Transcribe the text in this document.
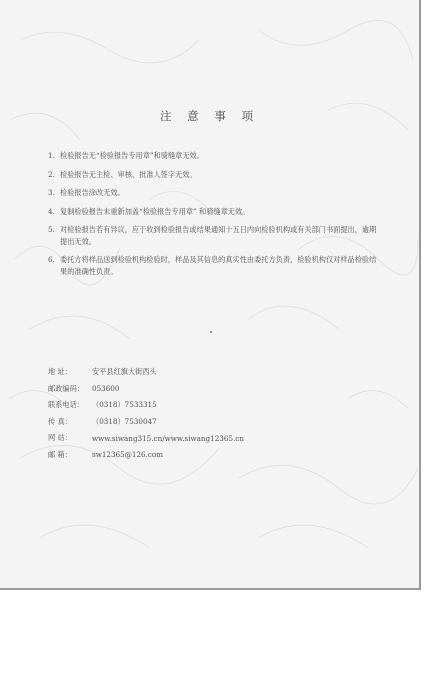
注 意 事 项
1. 检验报告无“检验报告专用章”和骑缝章无效。
2. 检验报告无主检、审核、批准人签字无效。
3. 检验报告涂改无效。
4. 复制检验报告未重新加盖“检验报告专用章” 和骑缝章无效。
5. 对检验报告若有异议，应于收到检验报告或结果通知十五日内向检验机构或有关部门书面提出，逾期提出无效。
6. 委托方将样品送到检验机构检验时，样品及其信息的真实性由委托方负责，检验机构仅对样品检验结果的准确性负责。
地 址：	安平县红旗大街西头
邮政编码：	053600
联系电话：	（0318）7533315
传 真：	（0318）7530047
网 站：	www.siwang315.cn/www.siwang12365.cn
邮 箱：	sw12365@126.com
